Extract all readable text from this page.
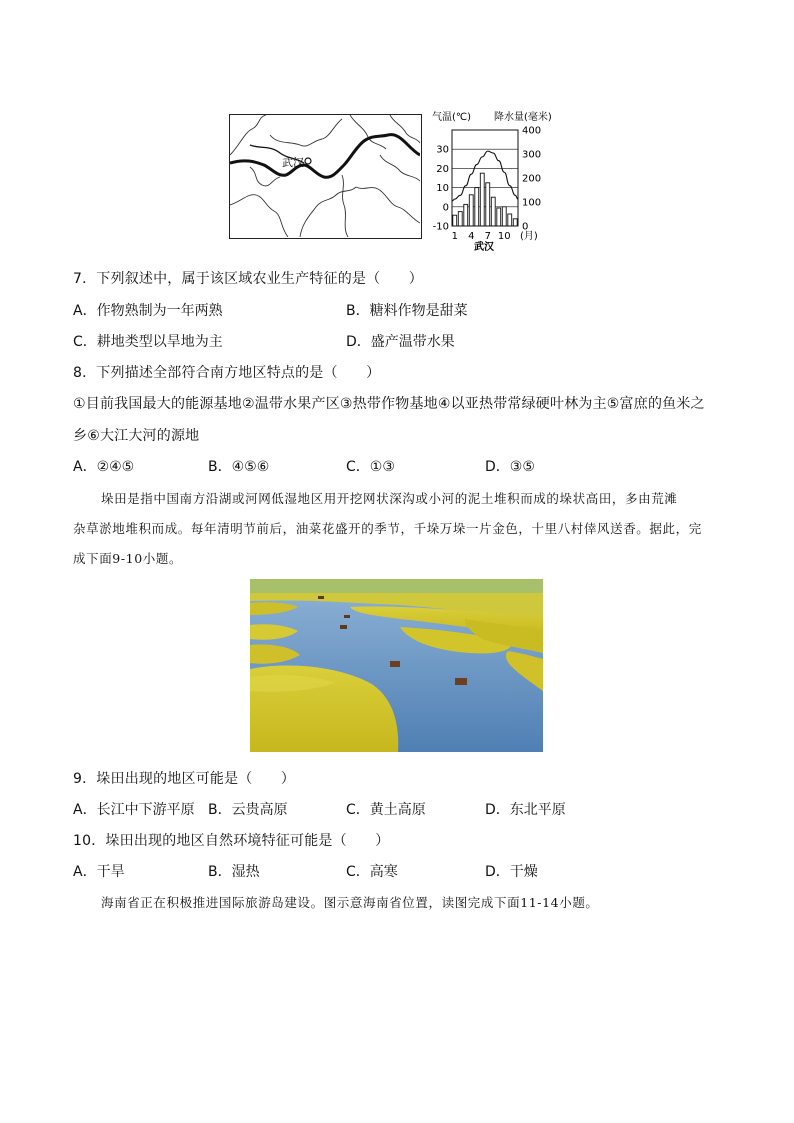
武汉
气温(℃) 降水量(毫米)
30
20
10
0
-10
400
300
200
100
0
1 4 7 10 (月)
武汉
7．下列叙述中，属于该区域农业生产特征的是（　　）
A．作物熟制为一年两熟	B．糖料作物是甜菜
C．耕地类型以旱地为主	D．盛产温带水果
8．下列描述全部符合南方地区特点的是（　　）
①目前我国最大的能源基地②温带水果产区③热带作物基地④以亚热带常绿硬叶林为主⑤富庶的鱼米之
乡⑥大江大河的源地
A．②④⑤	B．④⑤⑥	C．①③	D．③⑤
垛田是指中国南方沿湖或河网低湿地区用开挖网状深沟或小河的泥土堆积而成的垛状高田，多由荒滩
杂草淤地堆积而成。每年清明节前后，油菜花盛开的季节，千垛万垛一片金色，十里八村倖风送香。据此，完
成下面9-10小题。
9．垛田出现的地区可能是（　　）
A．长江中下游平原 B．云贵高原	C．黄土高原	D．东北平原
10．垛田出现的地区自然环境特征可能是（　　）
A．干旱	B．湿热	C．高寒	D．干燥
海南省正在积极推进国际旅游岛建设。图示意海南省位置，读图完成下面11-14小题。
